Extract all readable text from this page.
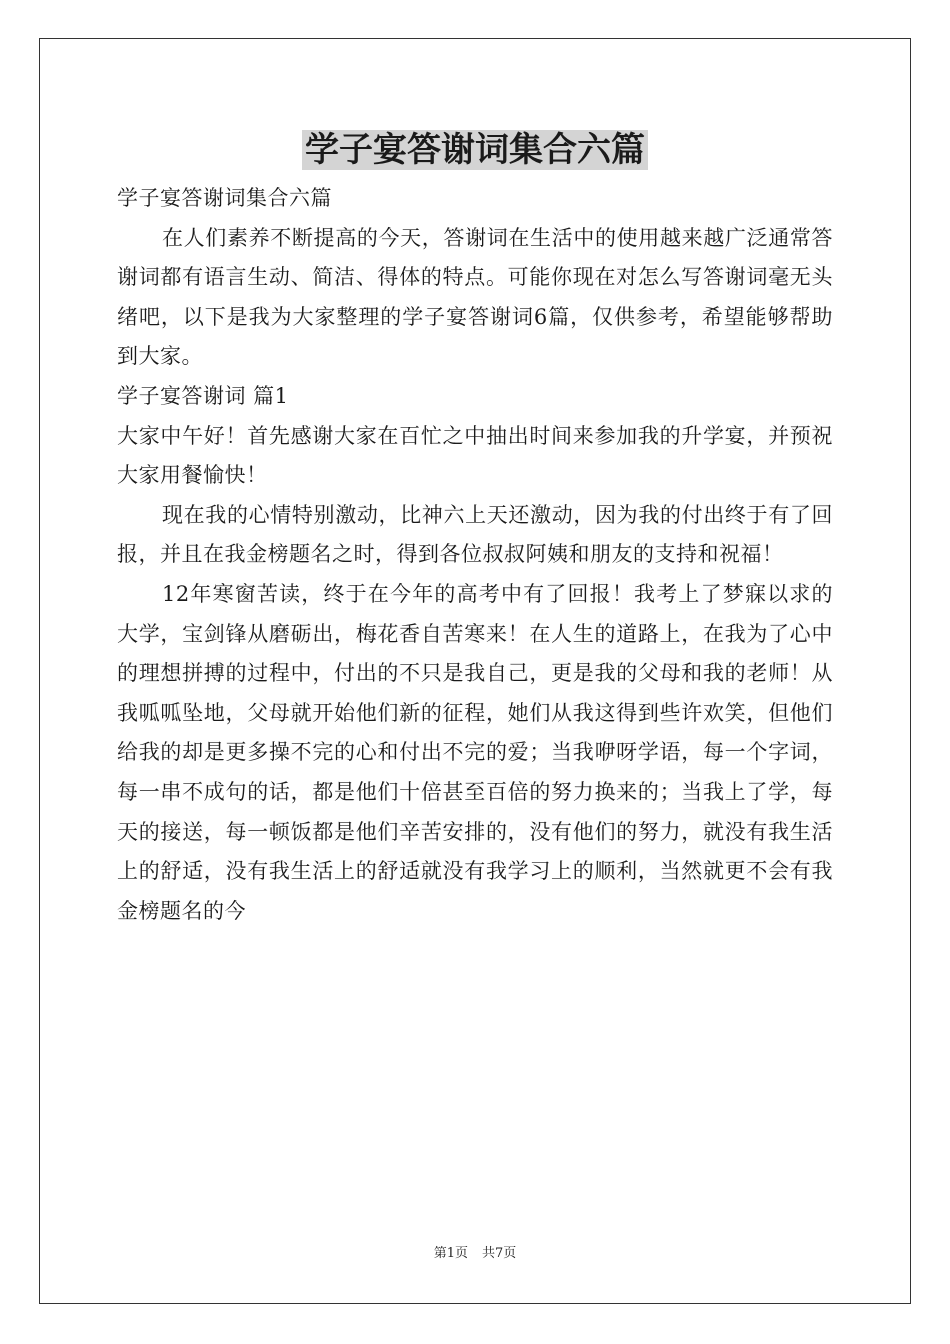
学子宴答谢词集合六篇

学子宴答谢词集合六篇

在人们素养不断提高的今天，答谢词在生活中的使用越来越广泛通常答谢词都有语言生动、简洁、得体的特点。可能你现在对怎么写答谢词毫无头绪吧，以下是我为大家整理的学子宴答谢词6篇，仅供参考，希望能够帮助到大家。

学子宴答谢词 篇1

大家中午好！首先感谢大家在百忙之中抽出时间来参加我的升学宴，并预祝大家用餐愉快！

现在我的心情特别激动，比神六上天还激动，因为我的付出终于有了回报，并且在我金榜题名之时，得到各位叔叔阿姨和朋友的支持和祝福！

12年寒窗苦读，终于在今年的高考中有了回报！我考上了梦寐以求的大学，宝剑锋从磨砺出，梅花香自苦寒来！在人生的道路上，在我为了心中的理想拼搏的过程中，付出的不只是我自己，更是我的父母和我的老师！从我呱呱坠地，父母就开始他们新的征程，她们从我这得到些许欢笑，但他们给我的却是更多操不完的心和付出不完的爱；当我咿呀学语，每一个字词，每一串不成句的话，都是他们十倍甚至百倍的努力换来的；当我上了学，每天的接送，每一顿饭都是他们辛苦安排的，没有他们的努力，就没有我生活上的舒适，没有我生活上的舒适就没有我学习上的顺利，当然就更不会有我金榜题名的今

第1页 共7页
